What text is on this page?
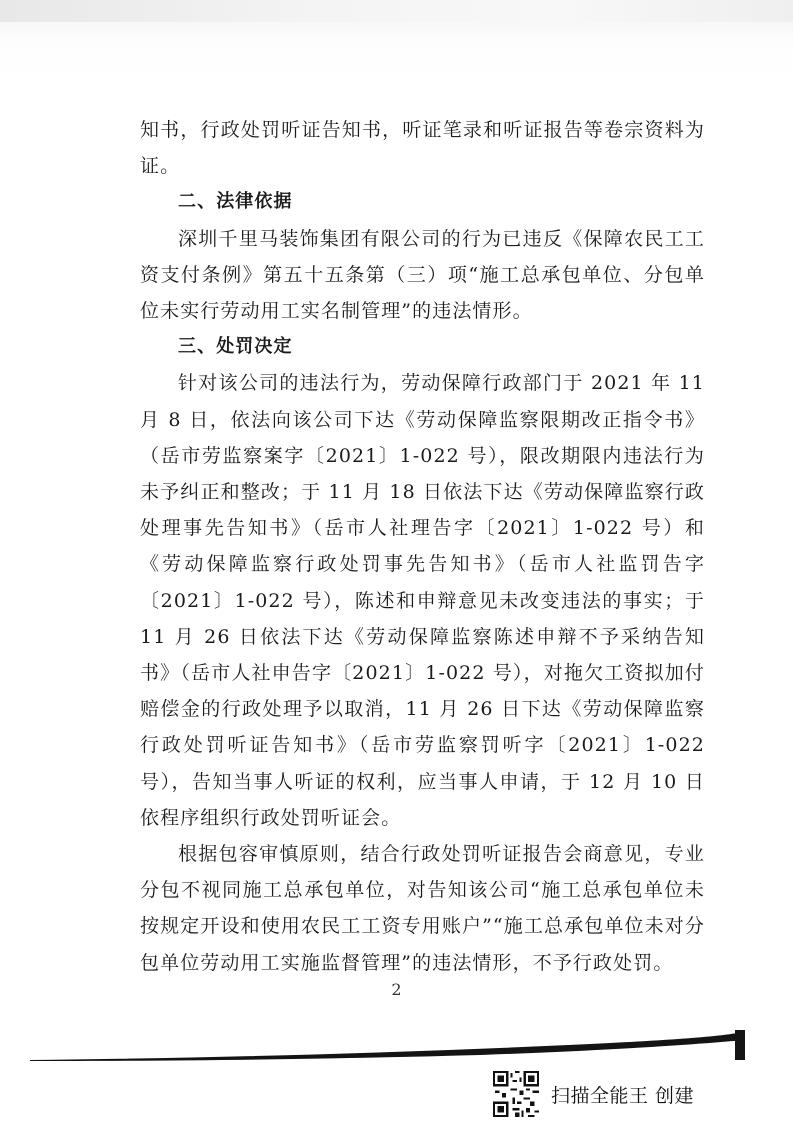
知书，行政处罚听证告知书，听证笔录和听证报告等卷宗资料为证。

二、法律依据

深圳千里马装饰集团有限公司的行为已违反《保障农民工工资支付条例》第五十五条第（三）项“施工总承包单位、分包单位未实行劳动用工实名制管理”的违法情形。

三、处罚决定

针对该公司的违法行为，劳动保障行政部门于 2021 年 11 月 8 日，依法向该公司下达《劳动保障监察限期改正指令书》（岳市劳监察案字〔2021〕1-022 号），限改期限内违法行为未予纠正和整改；于 11 月 18 日依法下达《劳动保障监察行政处理事先告知书》（岳市人社理告字〔2021〕1-022 号）和《劳动保障监察行政处罚事先告知书》（岳市人社监罚告字〔2021〕1-022 号），陈述和申辩意见未改变违法的事实；于 11 月 26 日依法下达《劳动保障监察陈述申辩不予采纳告知书》（岳市人社申告字〔2021〕1-022 号），对拖欠工资拟加付赔偿金的行政处理予以取消，11 月 26 日下达《劳动保障监察行政处罚听证告知书》（岳市劳监察罚听字〔2021〕1-022 号），告知当事人听证的权利，应当事人申请，于 12 月 10 日依程序组织行政处罚听证会。

根据包容审慎原则，结合行政处罚听证报告会商意见，专业分包不视同施工总承包单位，对告知该公司“施工总承包单位未按规定开设和使用农民工工资专用账户”“施工总承包单位未对分包单位劳动用工实施监督管理”的违法情形，不予行政处罚。

2
扫描全能王 创建
